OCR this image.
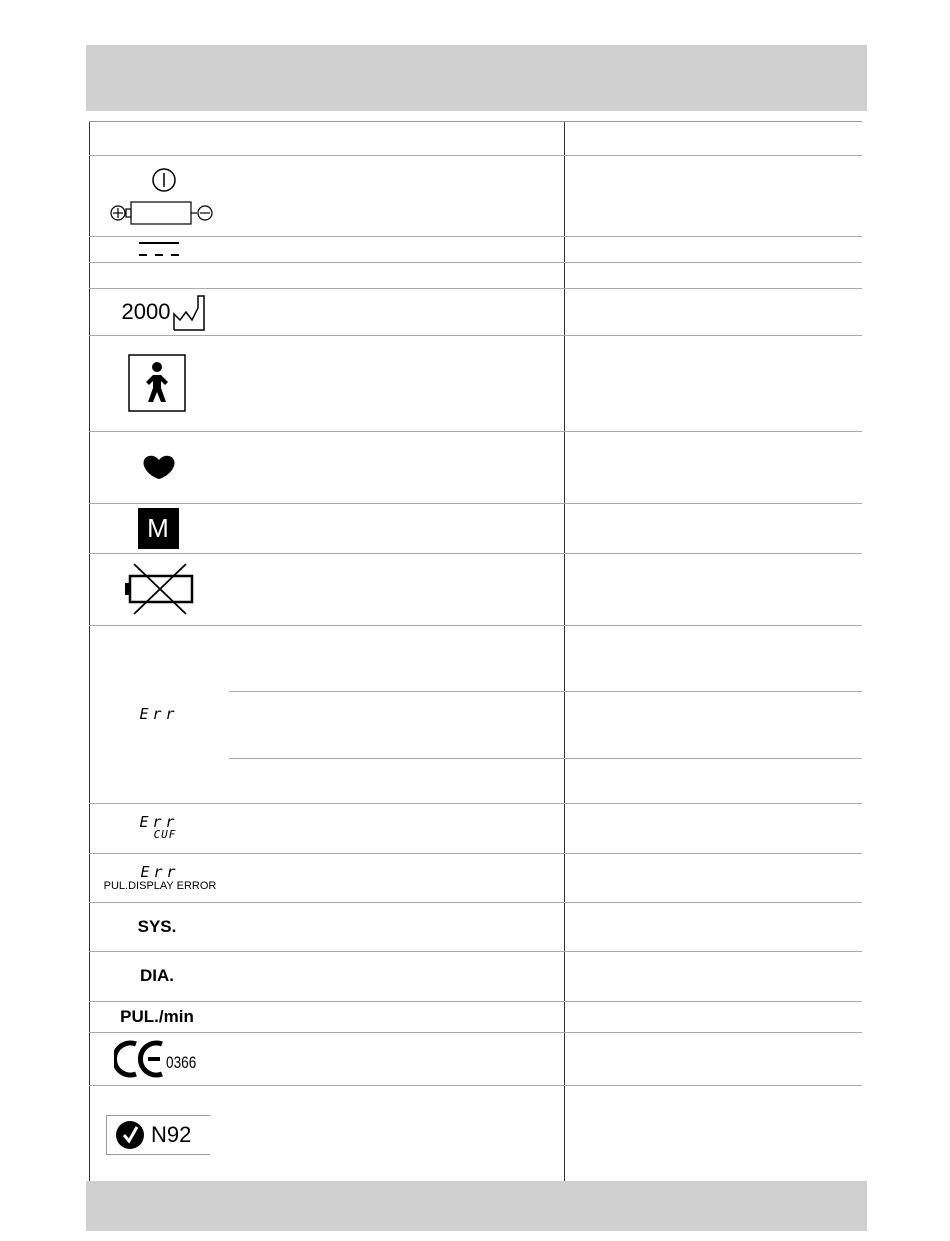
2000
M
Err
Err
CUF
Err
PUL.DISPLAY ERROR
SYS.
DIA.
PUL./min
0366
N92
